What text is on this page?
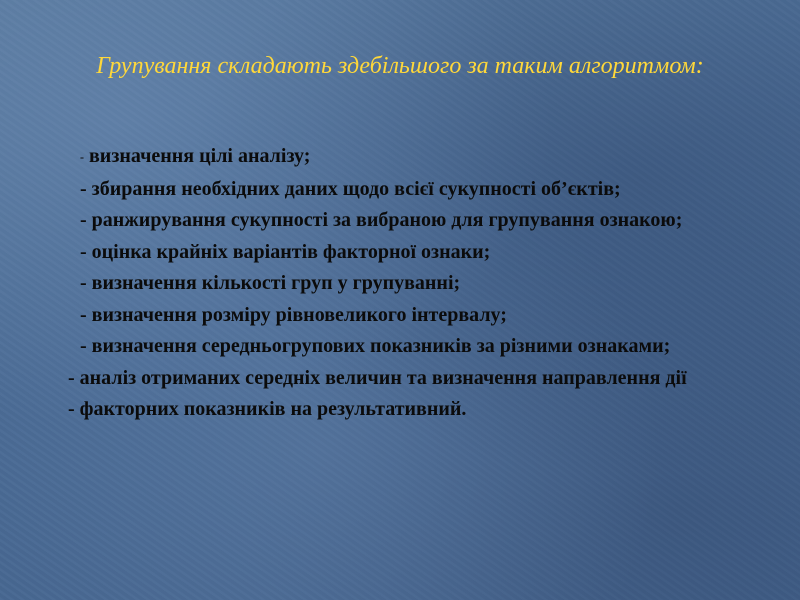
Групування складають здебільшого за таким алгоритмом:
- визначення цілі аналізу;
- збирання необхідних даних щодо всієї сукупності об’єктів;
- ранжирування сукупності за вибраною для групування ознакою;
- оцінка крайніх варіантів факторної ознаки;
- визначення кількості груп у групуванні;
- визначення розміру рівновеликого інтервалу;
- визначення середньогрупових показників за різними ознаками;
- аналіз отриманих середніх величин та визначення направлення дії
- факторних показників на результативний.
